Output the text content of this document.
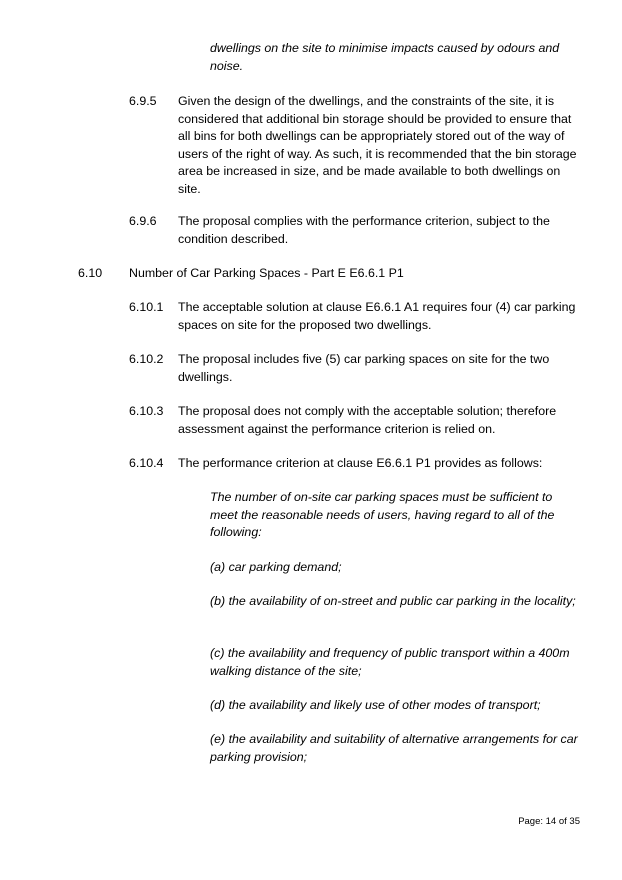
dwellings on the site to minimise impacts caused by odours and noise.
6.9.5 Given the design of the dwellings, and the constraints of the site, it is considered that additional bin storage should be provided to ensure that all bins for both dwellings can be appropriately stored out of the way of users of the right of way. As such, it is recommended that the bin storage area be increased in size, and be made available to both dwellings on site.
6.9.6 The proposal complies with the performance criterion, subject to the condition described.
6.10 Number of Car Parking Spaces - Part E E6.6.1 P1
6.10.1 The acceptable solution at clause E6.6.1 A1 requires four (4) car parking spaces on site for the proposed two dwellings.
6.10.2 The proposal includes five (5) car parking spaces on site for the two dwellings.
6.10.3 The proposal does not comply with the acceptable solution; therefore assessment against the performance criterion is relied on.
6.10.4 The performance criterion at clause E6.6.1 P1 provides as follows:
The number of on-site car parking spaces must be sufficient to meet the reasonable needs of users, having regard to all of the following:
(a) car parking demand;
(b) the availability of on-street and public car parking in the locality;
(c) the availability and frequency of public transport within a 400m walking distance of the site;
(d) the availability and likely use of other modes of transport;
(e) the availability and suitability of alternative arrangements for car parking provision;
Page: 14 of 35
